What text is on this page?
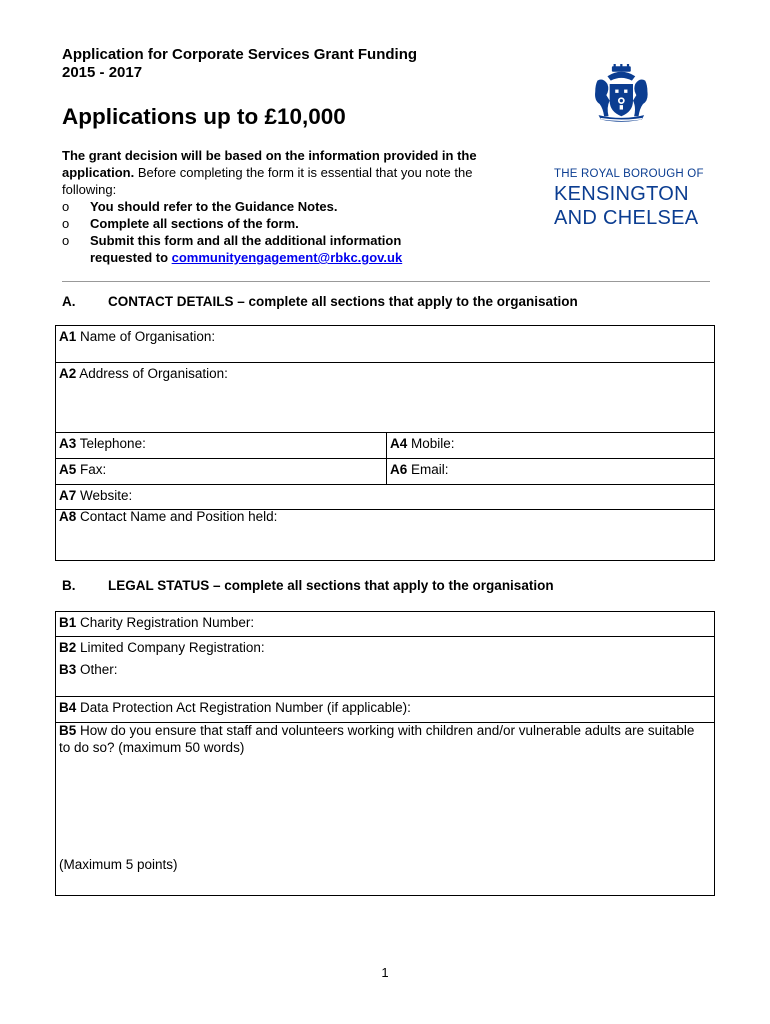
Application for Corporate Services Grant Funding
2015 - 2017
Applications up to £10,000
The grant decision will be based on the information provided in the application. Before completing the form it is essential that you note the following:
o	You should refer to the Guidance Notes.
o	Complete all sections of the form.
o	Submit this form and all the additional information
requested to communityengagement@rbkc.gov.uk
THE ROYAL BOROUGH OF
KENSINGTON
AND CHELSEA
A. CONTACT DETAILS – complete all sections that apply to the organisation
A1 Name of Organisation:
A2 Address of Organisation:
A3 Telephone:	A4 Mobile:
A5 Fax:	A6 Email:
A7 Website:
A8 Contact Name and Position held:
B. LEGAL STATUS – complete all sections that apply to the organisation
B1 Charity Registration Number:
B2 Limited Company Registration:
B3 Other:
B4 Data Protection Act Registration Number (if applicable):
B5 How do you ensure that staff and volunteers working with children and/or vulnerable adults are suitable to do so? (maximum 50 words)
(Maximum 5 points)
1
